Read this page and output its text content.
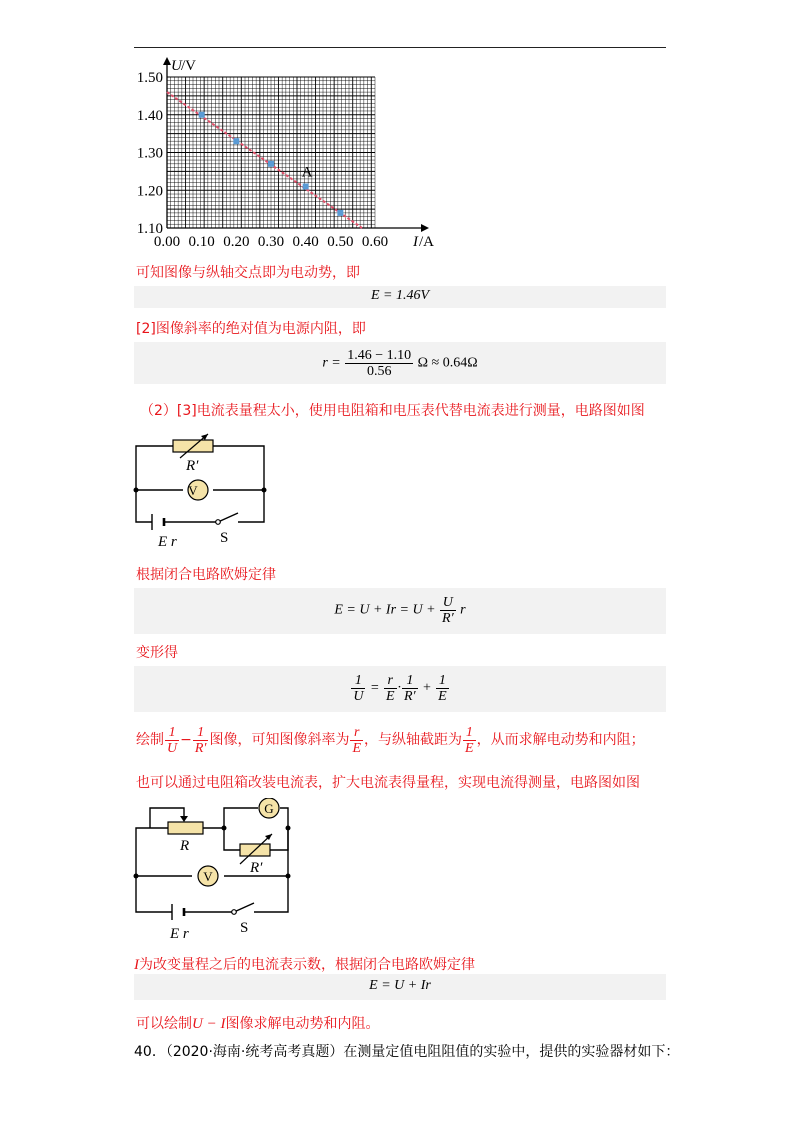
0.00 0.10 0.20 0.30 0.40 0.50 0.60
1.10
1.20
1.30
1.40
1.50
A
U /V
I /A
可知图像与纵轴交点即为电动势，即
E = 1.46V
[2]图像斜率的绝对值为电源内阻，即
$r = \frac{1.46 - 1.10}{0.56}$ Ω ≈ 0.64Ω
（2）[3]电流表量程太小，使用电阻箱和电压表代替电流表进行测量，电路图如图
R′
V
E r	S
根据闭合电路欧姆定律
$E = U + Ir = U + \frac{U}{R'}$ r
变形得
$\frac{1}{U} = \frac{r}{E} \cdot \frac{1}{R'} + \frac{1}{E}$
绘制 $\frac{1}{U} - \frac{1}{R'}$ 图像，可知图像斜率为 $\frac{r}{E}$ ，与纵轴截距为 $\frac{1}{E}$ ，从而求解电动势和内阻；
也可以通过电阻箱改装电流表，扩大电流表得量程，实现电流得测量，电路图如图
G
R
R′
V
E r	S
I为改变量程之后的电流表示数，根据闭合电路欧姆定律
E = U + Ir
可以绘制U − I图像求解电动势和内阻。
40．（2020·海南·统考高考真题）在测量定值电阻阻值的实验中，提供的实验器材如下：
